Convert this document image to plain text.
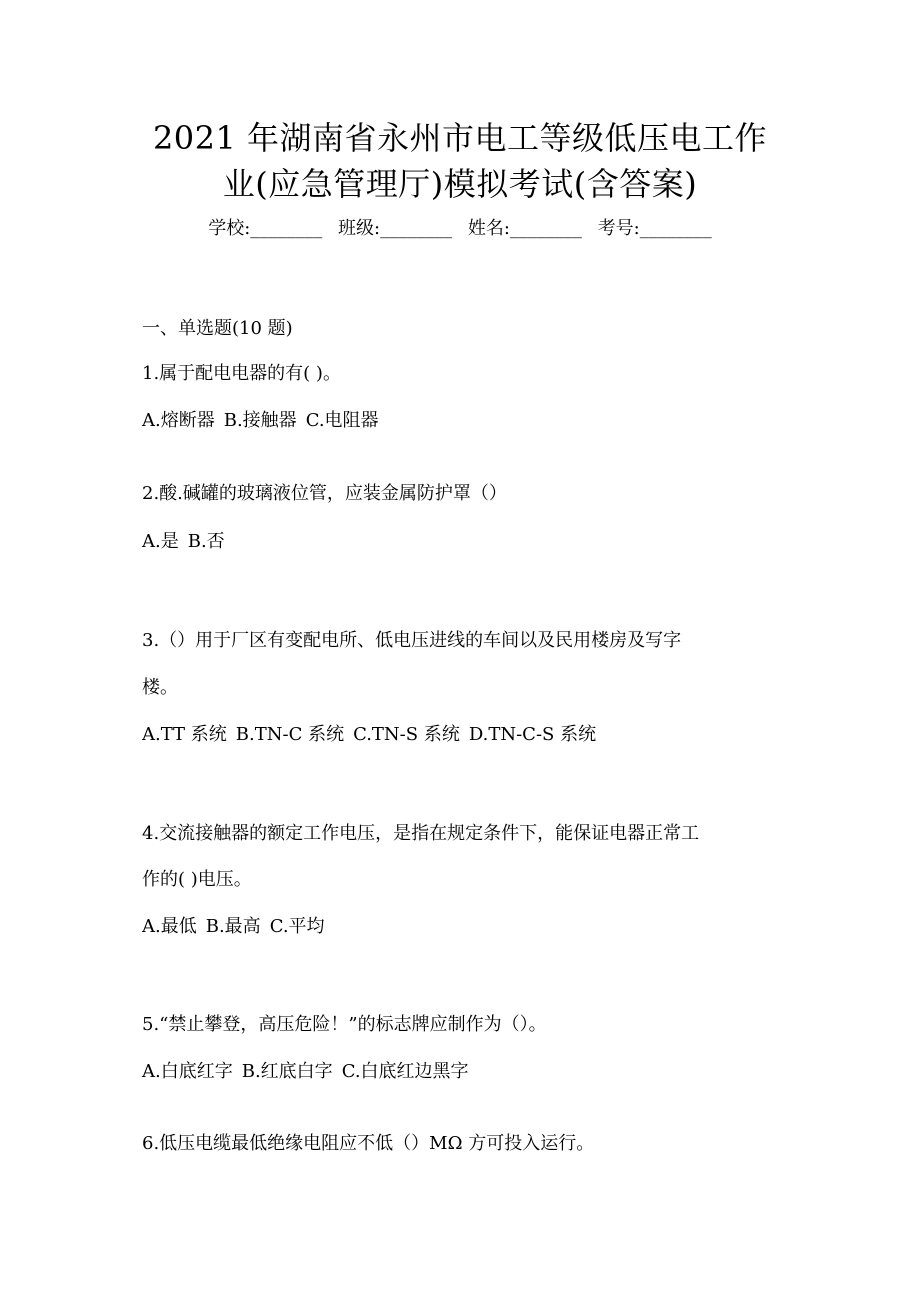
2021 年湖南省永州市电工等级低压电工作
业(应急管理厅)模拟考试(含答案)
学校:________ 班级:________ 姓名:________ 考号:________
一、单选题(10 题)
1.属于配电电器的有( )。
A.熔断器 B.接触器 C.电阻器
2.酸.碱罐的玻璃液位管，应装金属防护罩（）
A.是 B.否
3.（）用于厂区有变配电所、低电压进线的车间以及民用楼房及写字
楼。
A.TT 系统 B.TN-C 系统 C.TN-S 系统 D.TN-C-S 系统
4.交流接触器的额定工作电压，是指在规定条件下，能保证电器正常工
作的( )电压。
A.最低 B.最高 C.平均
5.“禁止攀登，高压危险！”的标志牌应制作为（）。
A.白底红字 B.红底白字 C.白底红边黑字
6.低压电缆最低绝缘电阻应不低（）MΩ 方可投入运行。
